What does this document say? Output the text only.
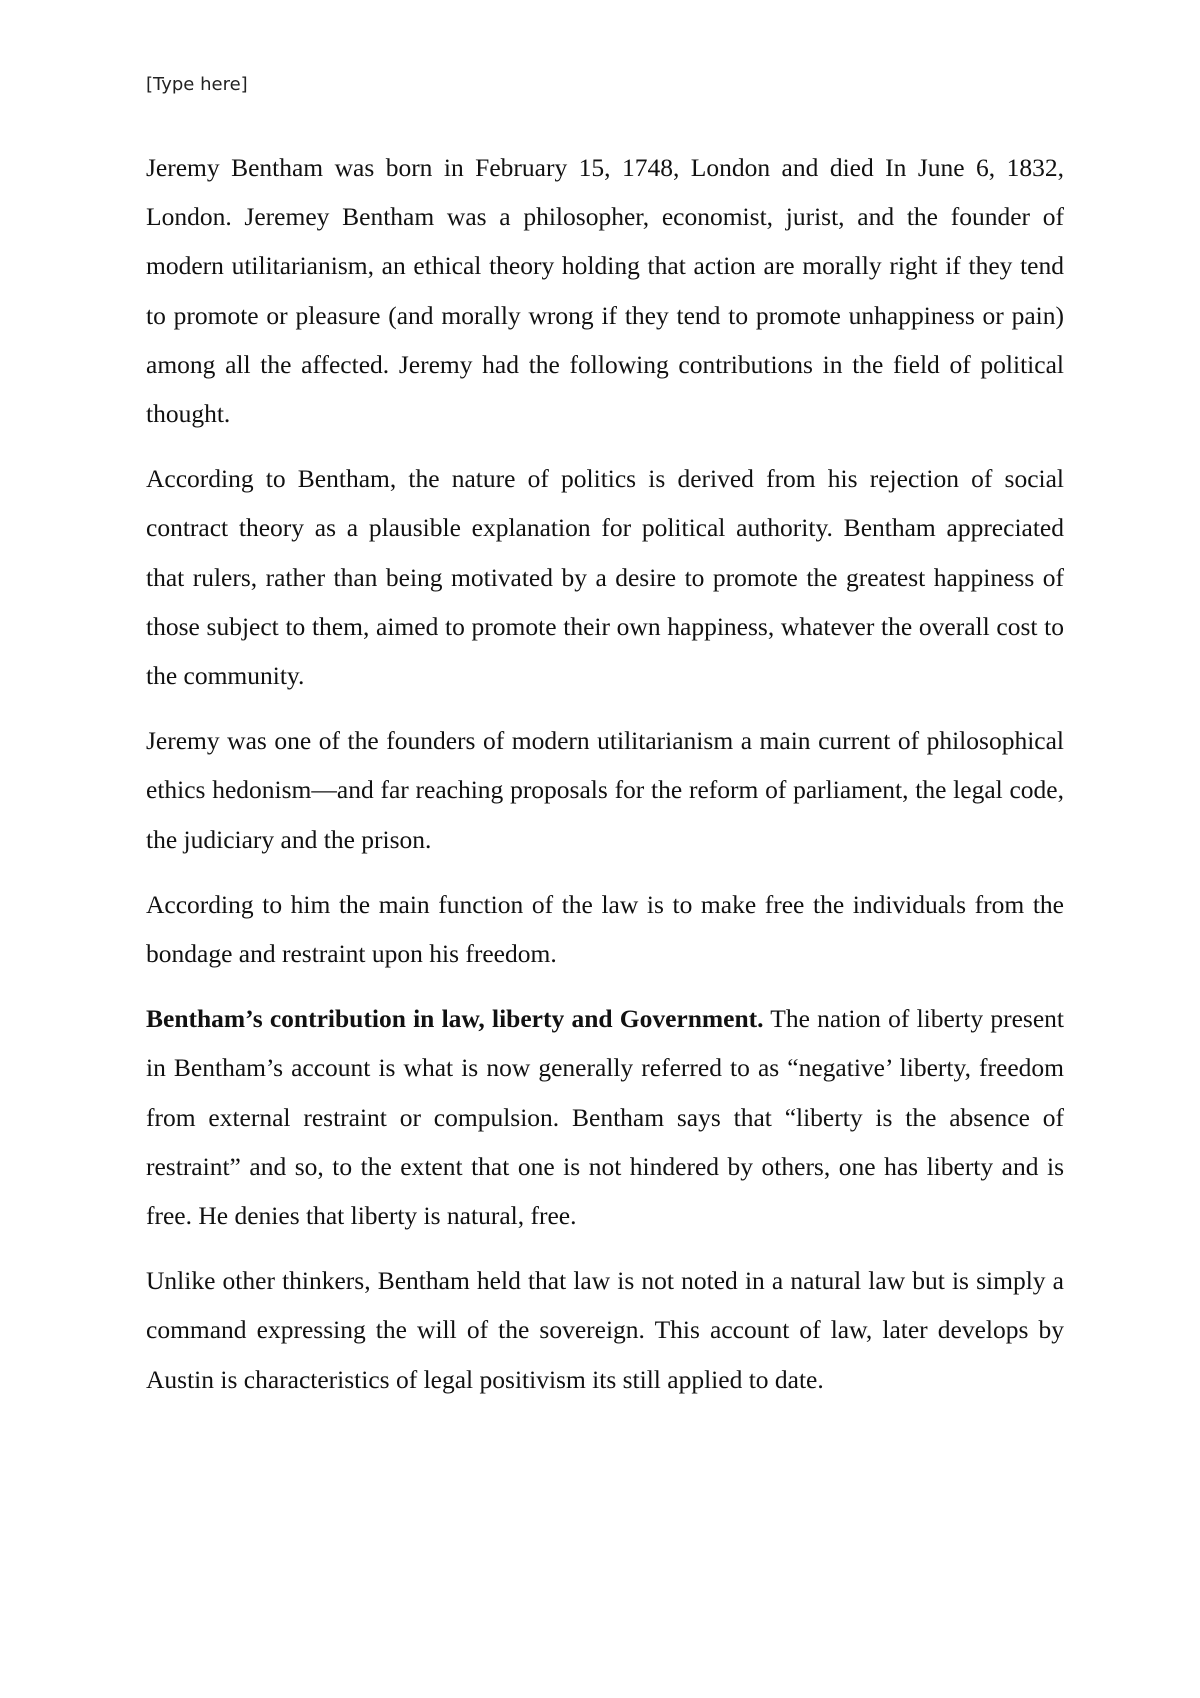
[Type here]

Jeremy Bentham was born in February 15, 1748, London and died In June 6, 1832, London. Jeremey Bentham was a philosopher, economist, jurist, and the founder of modern utilitarianism, an ethical theory holding that action are morally right if they tend to promote or pleasure (and morally wrong if they tend to promote unhappiness or pain) among all the affected. Jeremy had the following contributions in the field of political thought.

According to Bentham, the nature of politics is derived from his rejection of social contract theory as a plausible explanation for political authority. Bentham appreciated that rulers, rather than being motivated by a desire to promote the greatest happiness of those subject to them, aimed to promote their own happiness, whatever the overall cost to the community.

Jeremy was one of the founders of modern utilitarianism a main current of philosophical ethics hedonism—and far reaching proposals for the reform of parliament, the legal code, the judiciary and the prison.

According to him the main function of the law is to make free the individuals from the bondage and restraint upon his freedom.

Bentham’s contribution in law, liberty and Government. The nation of liberty present in Bentham’s account is what is now generally referred to as “negative’ liberty, freedom from external restraint or compulsion. Bentham says that “liberty is the absence of restraint” and so, to the extent that one is not hindered by others, one has liberty and is free. He denies that liberty is natural, free.

Unlike other thinkers, Bentham held that law is not noted in a natural law but is simply a command expressing the will of the sovereign. This account of law, later develops by Austin is characteristics of legal positivism its still applied to date.
